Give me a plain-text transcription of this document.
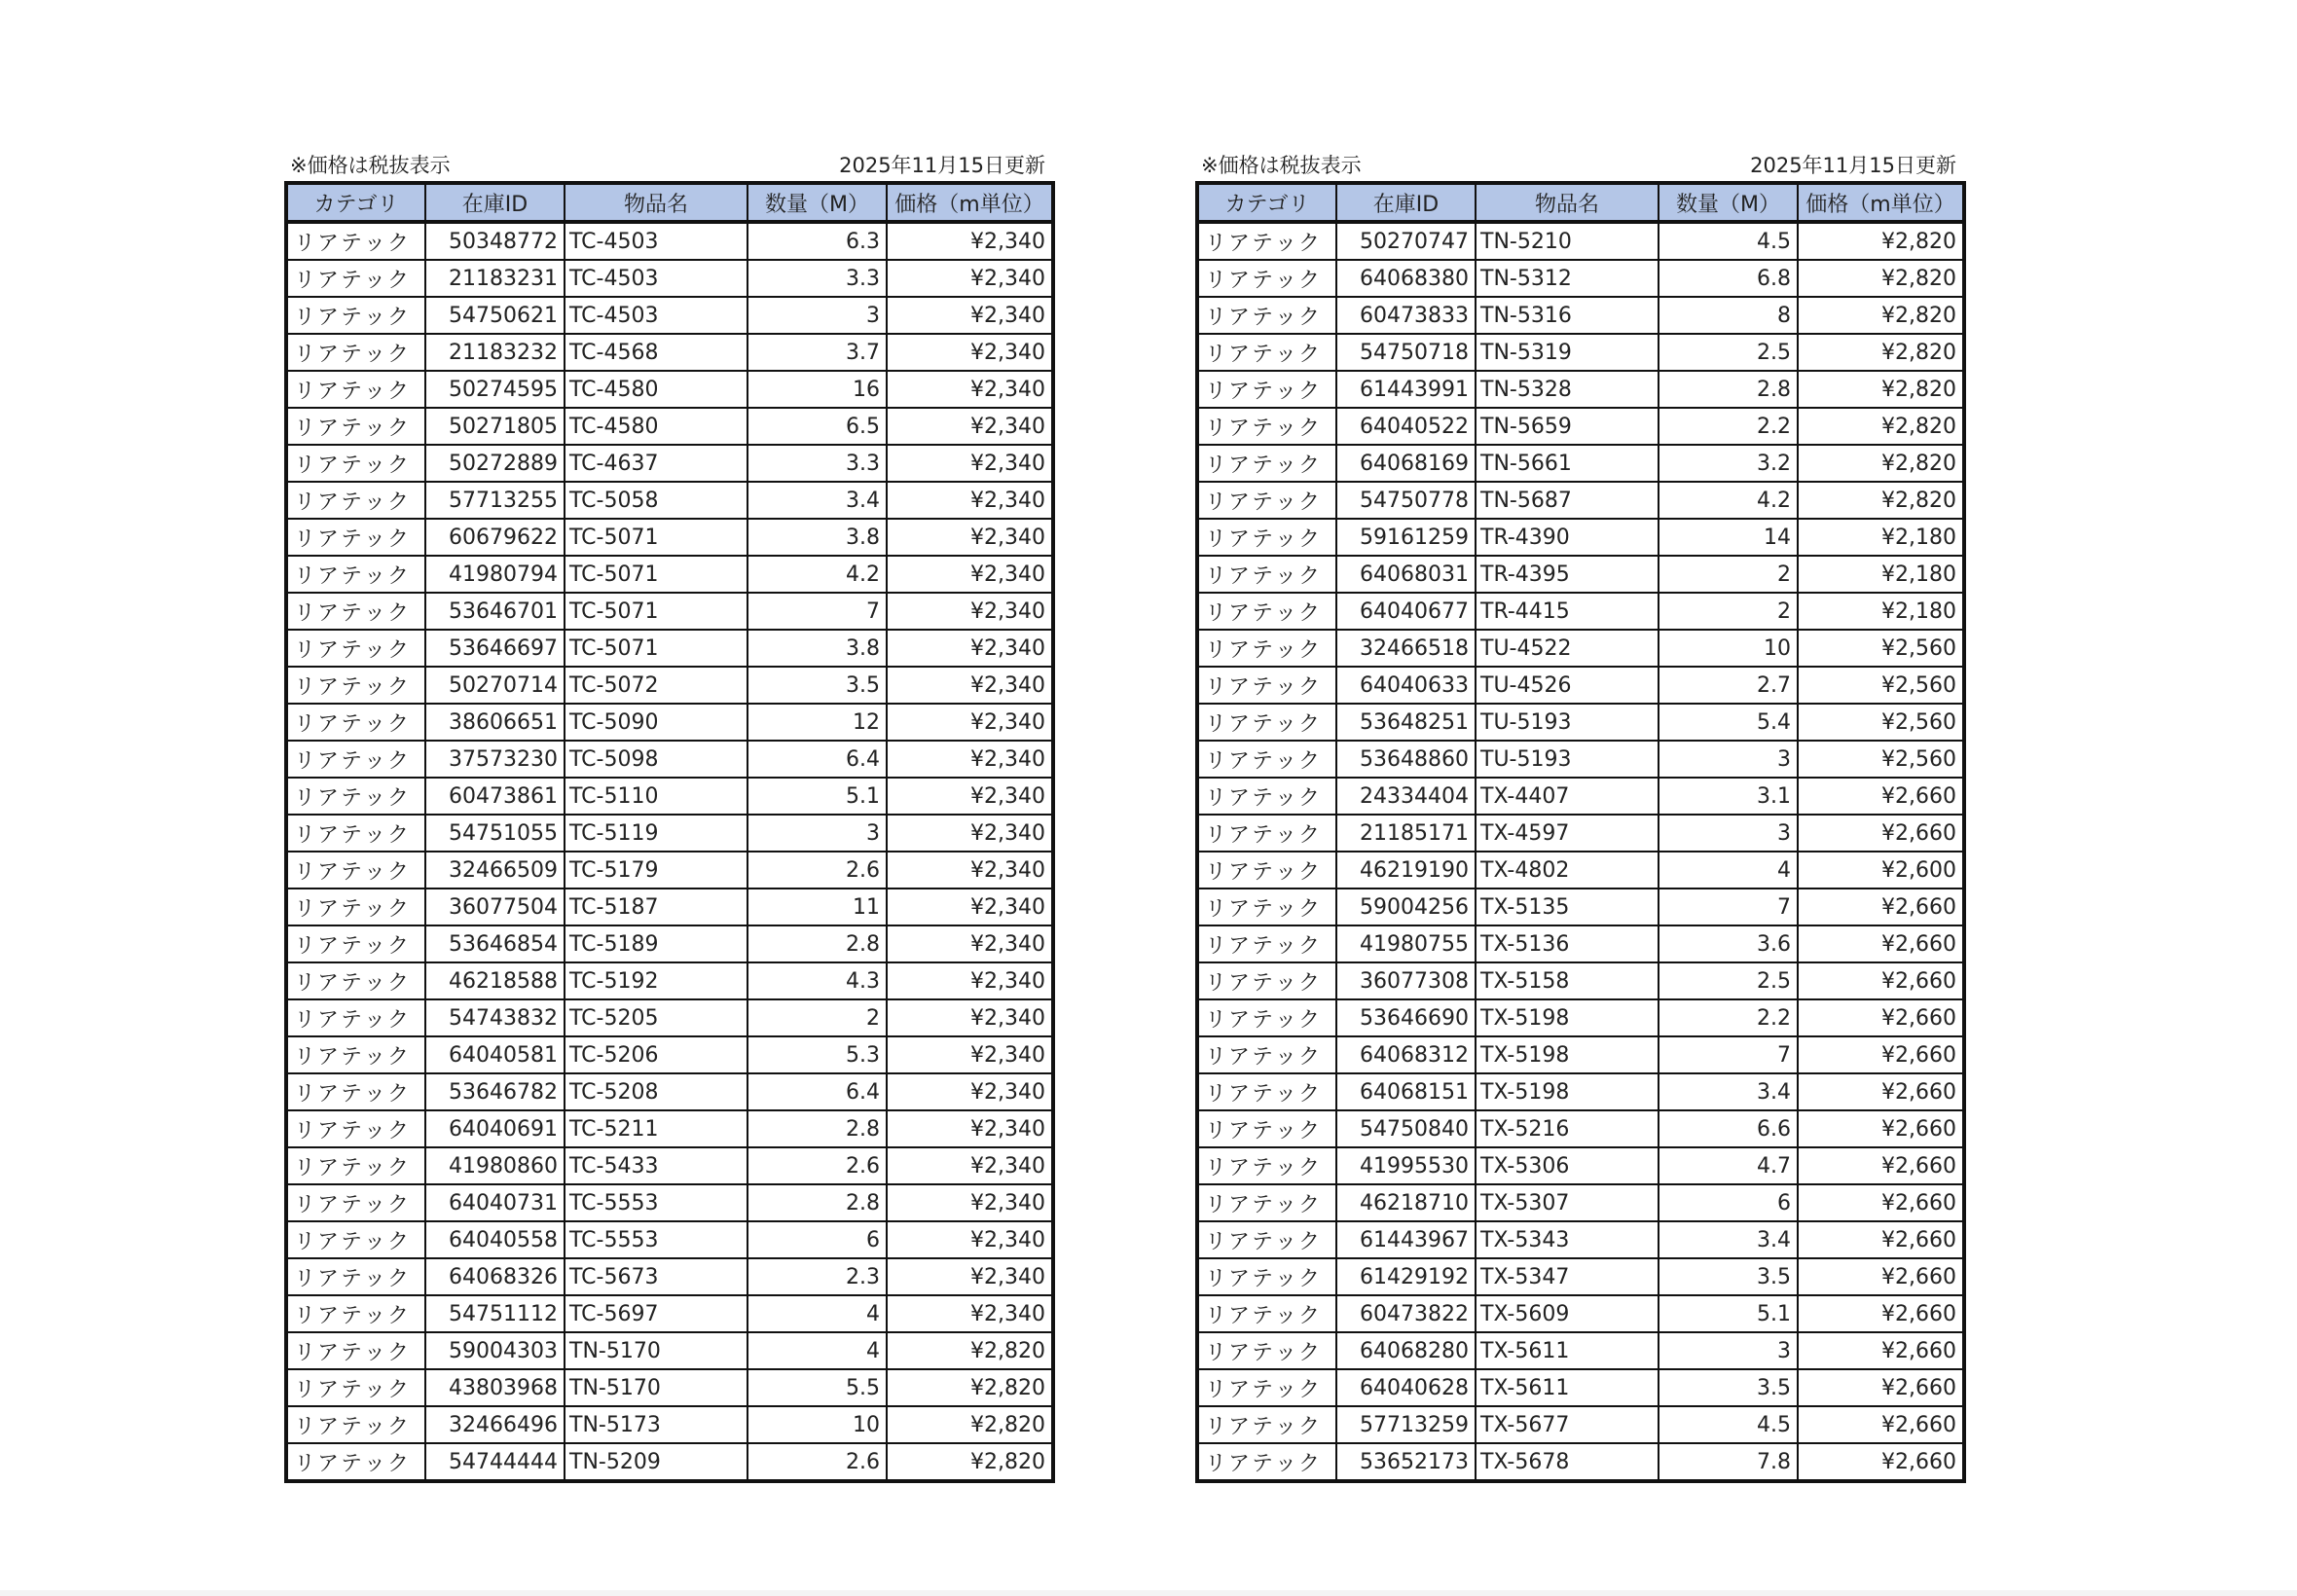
※価格は税抜表示	2025年11月15日更新
カテゴリ	在庫ID	物品名	数量（M）	価格（m単位）
リアテック	50348772	TC-4503	6.3	¥2,340
リアテック	21183231	TC-4503	3.3	¥2,340
リアテック	54750621	TC-4503	3	¥2,340
リアテック	21183232	TC-4568	3.7	¥2,340
リアテック	50274595	TC-4580	16	¥2,340
リアテック	50271805	TC-4580	6.5	¥2,340
リアテック	50272889	TC-4637	3.3	¥2,340
リアテック	57713255	TC-5058	3.4	¥2,340
リアテック	60679622	TC-5071	3.8	¥2,340
リアテック	41980794	TC-5071	4.2	¥2,340
リアテック	53646701	TC-5071	7	¥2,340
リアテック	53646697	TC-5071	3.8	¥2,340
リアテック	50270714	TC-5072	3.5	¥2,340
リアテック	38606651	TC-5090	12	¥2,340
リアテック	37573230	TC-5098	6.4	¥2,340
リアテック	60473861	TC-5110	5.1	¥2,340
リアテック	54751055	TC-5119	3	¥2,340
リアテック	32466509	TC-5179	2.6	¥2,340
リアテック	36077504	TC-5187	11	¥2,340
リアテック	53646854	TC-5189	2.8	¥2,340
リアテック	46218588	TC-5192	4.3	¥2,340
リアテック	54743832	TC-5205	2	¥2,340
リアテック	64040581	TC-5206	5.3	¥2,340
リアテック	53646782	TC-5208	6.4	¥2,340
リアテック	64040691	TC-5211	2.8	¥2,340
リアテック	41980860	TC-5433	2.6	¥2,340
リアテック	64040731	TC-5553	2.8	¥2,340
リアテック	64040558	TC-5553	6	¥2,340
リアテック	64068326	TC-5673	2.3	¥2,340
リアテック	54751112	TC-5697	4	¥2,340
リアテック	59004303	TN-5170	4	¥2,820
リアテック	43803968	TN-5170	5.5	¥2,820
リアテック	32466496	TN-5173	10	¥2,820
リアテック	54744444	TN-5209	2.6	¥2,820
※価格は税抜表示	2025年11月15日更新
カテゴリ	在庫ID	物品名	数量（M）	価格（m単位）
リアテック	50270747	TN-5210	4.5	¥2,820
リアテック	64068380	TN-5312	6.8	¥2,820
リアテック	60473833	TN-5316	8	¥2,820
リアテック	54750718	TN-5319	2.5	¥2,820
リアテック	61443991	TN-5328	2.8	¥2,820
リアテック	64040522	TN-5659	2.2	¥2,820
リアテック	64068169	TN-5661	3.2	¥2,820
リアテック	54750778	TN-5687	4.2	¥2,820
リアテック	59161259	TR-4390	14	¥2,180
リアテック	64068031	TR-4395	2	¥2,180
リアテック	64040677	TR-4415	2	¥2,180
リアテック	32466518	TU-4522	10	¥2,560
リアテック	64040633	TU-4526	2.7	¥2,560
リアテック	53648251	TU-5193	5.4	¥2,560
リアテック	53648860	TU-5193	3	¥2,560
リアテック	24334404	TX-4407	3.1	¥2,660
リアテック	21185171	TX-4597	3	¥2,660
リアテック	46219190	TX-4802	4	¥2,600
リアテック	59004256	TX-5135	7	¥2,660
リアテック	41980755	TX-5136	3.6	¥2,660
リアテック	36077308	TX-5158	2.5	¥2,660
リアテック	53646690	TX-5198	2.2	¥2,660
リアテック	64068312	TX-5198	7	¥2,660
リアテック	64068151	TX-5198	3.4	¥2,660
リアテック	54750840	TX-5216	6.6	¥2,660
リアテック	41995530	TX-5306	4.7	¥2,660
リアテック	46218710	TX-5307	6	¥2,660
リアテック	61443967	TX-5343	3.4	¥2,660
リアテック	61429192	TX-5347	3.5	¥2,660
リアテック	60473822	TX-5609	5.1	¥2,660
リアテック	64068280	TX-5611	3	¥2,660
リアテック	64040628	TX-5611	3.5	¥2,660
リアテック	57713259	TX-5677	4.5	¥2,660
リアテック	53652173	TX-5678	7.8	¥2,660
